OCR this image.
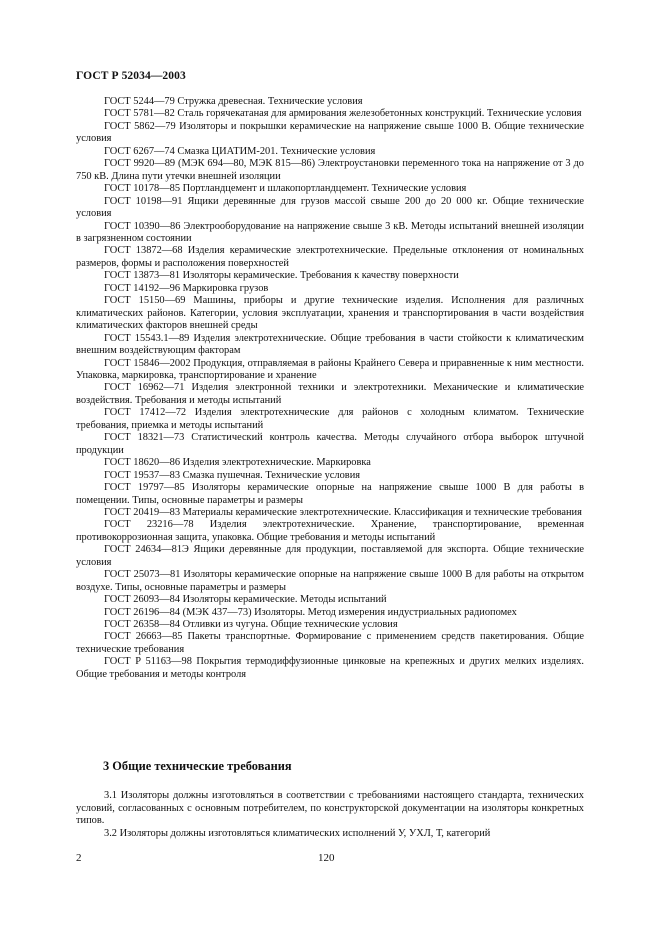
ГОСТ Р 52034—2003

ГОСТ 5244—79 Стружка древесная. Технические условия

ГОСТ 5781—82 Сталь горячекатаная для армирования железобетонных конструкций. Технические условия

ГОСТ 5862—79 Изоляторы и покрышки керамические на напряжение свыше 1000 В. Общие технические условия

ГОСТ 6267—74 Смазка ЦИАТИМ-201. Технические условия

ГОСТ 9920—89 (МЭК 694—80, МЭК 815—86) Электроустановки переменного тока на напряжение от 3 до 750 кВ. Длина пути утечки внешней изоляции

ГОСТ 10178—85 Портландцемент и шлакопортландцемент. Технические условия

ГОСТ 10198—91 Ящики деревянные для грузов массой свыше 200 до 20 000 кг. Общие технические условия

ГОСТ 10390—86 Электрооборудование на напряжение свыше 3 кВ. Методы испытаний внешней изоляции в загрязненном состоянии

ГОСТ 13872—68 Изделия керамические электротехнические. Предельные отклонения от номинальных размеров, формы и расположения поверхностей

ГОСТ 13873—81 Изоляторы керамические. Требования к качеству поверхности

ГОСТ 14192—96 Маркировка грузов

ГОСТ 15150—69 Машины, приборы и другие технические изделия. Исполнения для различных климатических районов. Категории, условия эксплуатации, хранения и транспортирования в части воздействия климатических факторов внешней среды

ГОСТ 15543.1—89 Изделия электротехнические. Общие требования в части стойкости к климатическим внешним воздействующим факторам

ГОСТ 15846—2002 Продукция, отправляемая в районы Крайнего Севера и приравненные к ним местности. Упаковка, маркировка, транспортирование и хранение

ГОСТ 16962—71 Изделия электронной техники и электротехники. Механические и климатические воздействия. Требования и методы испытаний

ГОСТ 17412—72 Изделия электротехнические для районов с холодным климатом. Технические требования, приемка и методы испытаний

ГОСТ 18321—73 Статистический контроль качества. Методы случайного отбора выборок штучной продукции

ГОСТ 18620—86 Изделия электротехнические. Маркировка

ГОСТ 19537—83 Смазка пушечная. Технические условия

ГОСТ 19797—85 Изоляторы керамические опорные на напряжение свыше 1000 В для работы в помещении. Типы, основные параметры и размеры

ГОСТ 20419—83 Материалы керамические электротехнические. Классификация и технические требования

ГОСТ 23216—78 Изделия электротехнические. Хранение, транспортирование, временная противокоррозионная защита, упаковка. Общие требования и методы испытаний

ГОСТ 24634—81Э Ящики деревянные для продукции, поставляемой для экспорта. Общие технические условия

ГОСТ 25073—81 Изоляторы керамические опорные на напряжение свыше 1000 В для работы на открытом воздухе. Типы, основные параметры и размеры

ГОСТ 26093—84 Изоляторы керамические. Методы испытаний

ГОСТ 26196—84 (МЭК 437—73) Изоляторы. Метод измерения индустриальных радиопомех

ГОСТ 26358—84 Отливки из чугуна. Общие технические условия

ГОСТ 26663—85 Пакеты транспортные. Формирование с применением средств пакетирования. Общие технические требования

ГОСТ Р 51163—98 Покрытия термодиффузионные цинковые на крепежных и других мелких изделиях. Общие требования и методы контроля

3 Общие технические требования

3.1 Изоляторы должны изготовляться в соответствии с требованиями настоящего стандарта, технических условий, согласованных с основным потребителем, по конструкторской документации на изоляторы конкретных типов.

3.2 Изоляторы должны изготовляться климатических исполнений У, УХЛ, Т, категорий

2	120
